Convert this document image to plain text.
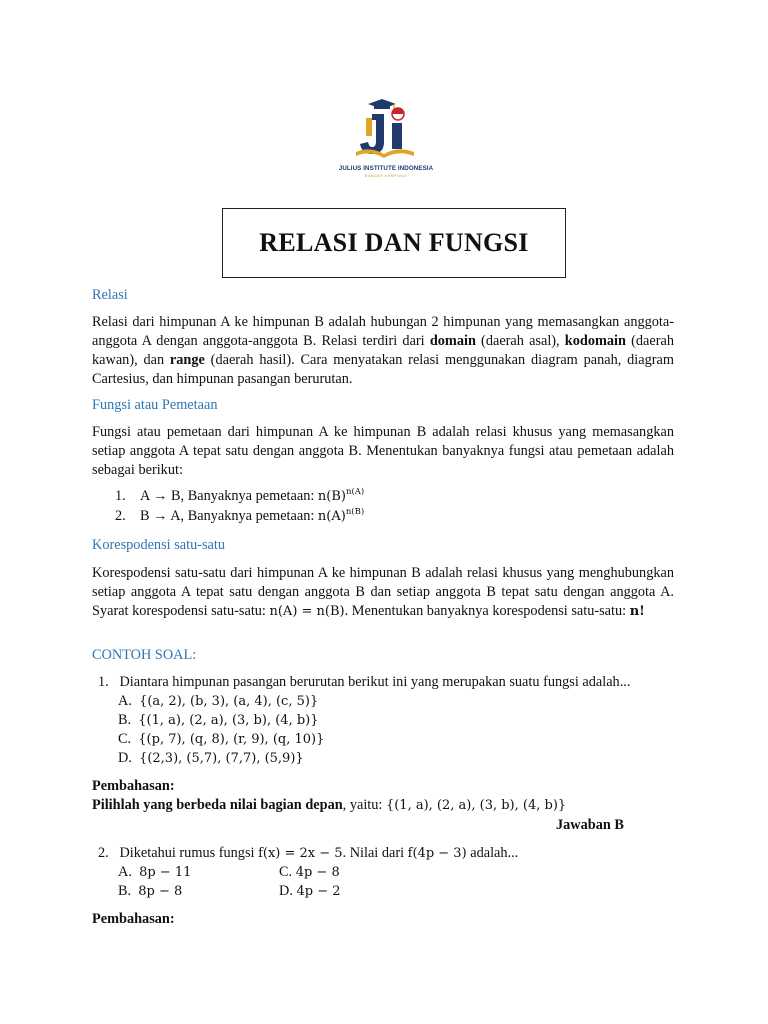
JULIUS INSTITUTE INDONESIA
BANDAR LAMPUNG
RELASI DAN FUNGSI
Relasi
Relasi dari himpunan A ke himpunan B adalah hubungan 2 himpunan yang memasangkan anggota-anggota A dengan anggota-anggota B. Relasi terdiri dari domain (daerah asal), kodomain (daerah kawan), dan range (daerah hasil). Cara menyatakan relasi menggunakan diagram panah, diagram Cartesius, dan himpunan pasangan berurutan.
Fungsi atau Pemetaan
Fungsi atau pemetaan dari himpunan A ke himpunan B adalah relasi khusus yang memasangkan setiap anggota A tepat satu dengan anggota B. Menentukan banyaknya fungsi atau pemetaan adalah sebagai berikut:
1. A → B, Banyaknya pemetaan: $n(B)^{n(A)}$
2. B → A, Banyaknya pemetaan: $n(A)^{n(B)}$
Korespodensi satu-satu
Korespodensi satu-satu dari himpunan A ke himpunan B adalah relasi khusus yang menghubungkan setiap anggota A tepat satu dengan anggota B dan setiap anggota B tepat satu dengan anggota A. Syarat korespodensi satu-satu: n(A) = n(B). Menentukan banyaknya korespodensi satu-satu: n!
CONTOH SOAL:
1. Diantara himpunan pasangan berurutan berikut ini yang merupakan suatu fungsi adalah...
A. {(a, 2), (b, 3), (a, 4), (c, 5)}
B. {(1, a), (2, a), (3, b), (4, b)}
C. {(p, 7), (q, 8), (r, 9), (q, 10)}
D. {(2,3), (5,7), (7,7), (5,9)}
Pembahasan:
Pilihlah yang berbeda nilai bagian depan, yaitu: {(1, a), (2, a), (3, b), (4, b)}
Jawaban B
2. Diketahui rumus fungsi f(x) = 2x − 5. Nilai dari f(4p − 3) adalah...
A. 8p − 11	C. 4p − 8
B. 8p − 8	D. 4p − 2
Pembahasan:
